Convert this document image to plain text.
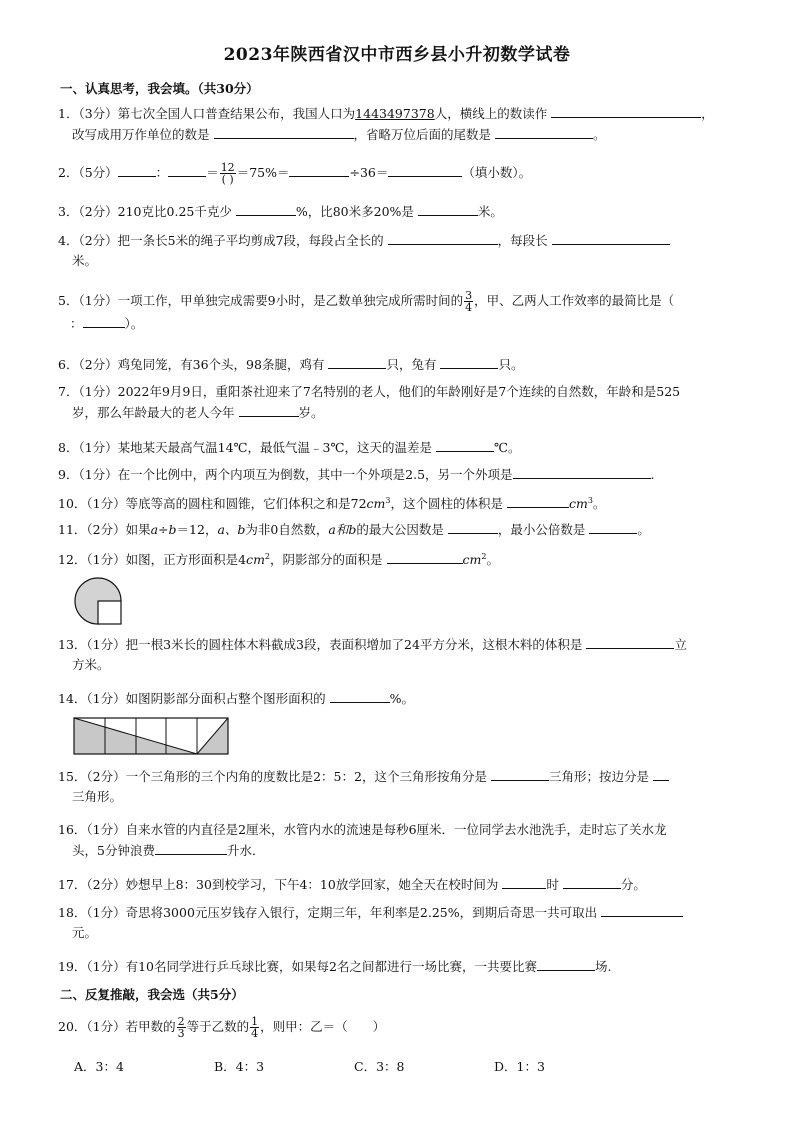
2023年陕西省汉中市西乡县小升初数学试卷
一、认真思考，我会填。（共30分）
1．（3分）第七次全国人口普查结果公布，我国人口为1443497378人，横线上的数读作	，
改写成用万作单位的数是	，省略万位后面的尾数是	。
2．（5分）	：	＝ $\frac{12}{( )} =75\%=$	÷36＝	（填小数）。
3．（2分）210克比0.25千克少	%，比80米多20%是	米。
4．（2分）把一条长5米的绳子平均剪成7段，每段占全长的	，每段长
米。
5．（1分）一项工作，甲单独完成需要9小时，是乙数单独完成所需时间的 $\frac{3}{4}$ ，甲、乙两人工作效率的最简比是（
：	）。
6．（2分）鸡兔同笼，有36个头，98条腿，鸡有	只，兔有	只。
7．（1分）2022年9月9日，重阳茶社迎来了7名特别的老人，他们的年龄刚好是7个连续的自然数，年龄和是525
岁，那么年龄最大的老人今年	岁。
8．（1分）某地某天最高气温14℃，最低气温﹣3℃，这天的温差是	℃。
9．（1分）在一个比例中，两个内项互为倒数，其中一个外项是2.5，另一个外项是	.
10．（1分）等底等高的圆柱和圆锥，它们体积之和是$72cm^3$，这个圆柱的体积是	$cm^3$。
11．（2分）如果a÷b＝12，a、b为非0自然数，a和b的最大公因数是	，最小公倍数是	。
12．（1分）如图，正方形面积是$4cm^2$，阴影部分的面积是	$cm^2$。
13．（1分）把一根3米长的圆柱体木料截成3段，表面积增加了24平方分米，这根木料的体积是	立
方米。
14．（1分）如图阴影部分面积占整个图形面积的	%。
15．（2分）一个三角形的三个内角的度数比是2：5：2，这个三角形按角分是	三角形；按边分是
三角形。
16．（1分）自来水管的内直径是2厘米，水管内水的流速是每秒6厘米．一位同学去水池洗手，走时忘了关水龙
头，5分钟浪费	升水．
17．（2分）妙想早上8：30到校学习，下午4：10放学回家，她全天在校时间为	时	分。
18．（1分）奇思将3000元压岁钱存入银行，定期三年，年利率是2.25%，到期后奇思一共可取出
元。
19．（1分）有10名同学进行乒乓球比赛，如果每2名之间都进行一场比赛，一共要比赛	场.
二、反复推敲，我会选（共5分）
20．（1分）若甲数的 $\frac{2}{3}$ 等于乙数的 $\frac{1}{4}$ ，则甲：乙＝（　　）
A．3：4	B．4：3	C．3：8	D．1：3
